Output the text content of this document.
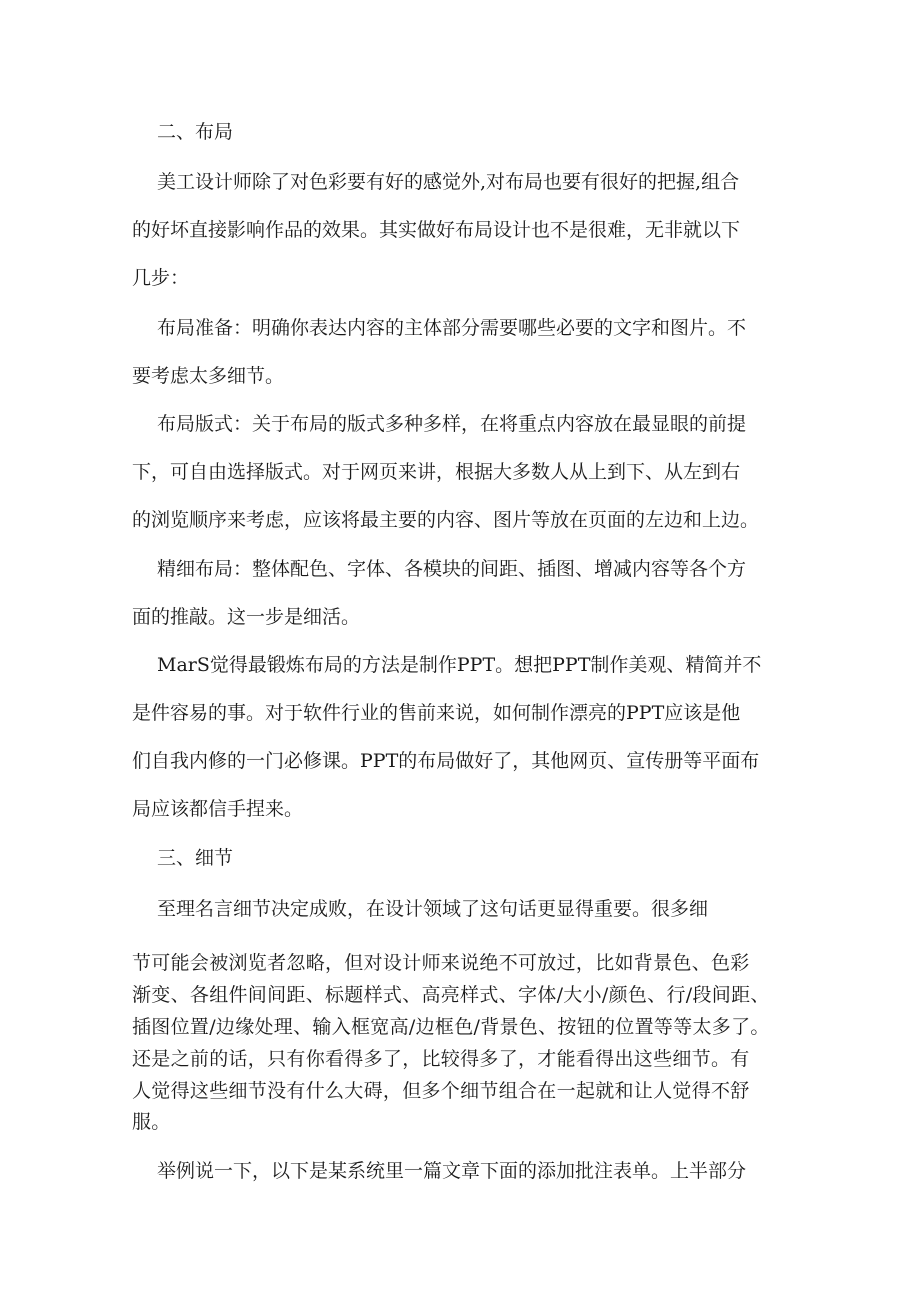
二、布局
美工设计师除了对色彩要有好的感觉外,对布局也要有很好的把握,组合
的好坏直接影响作品的效果。其实做好布局设计也不是很难，无非就以下
几步：
布局准备：明确你表达内容的主体部分需要哪些必要的文字和图片。不
要考虑太多细节。
布局版式：关于布局的版式多种多样，在将重点内容放在最显眼的前提
下，可自由选择版式。对于网页来讲，根据大多数人从上到下、从左到右
的浏览顺序来考虑，应该将最主要的内容、图片等放在页面的左边和上边。
精细布局：整体配色、字体、各模块的间距、插图、增减内容等各个方
面的推敲。这一步是细活。
MarS觉得最锻炼布局的方法是制作PPT。想把PPT制作美观、精简并不
是件容易的事。对于软件行业的售前来说，如何制作漂亮的PPT应该是他
们自我内修的一门必修课。PPT的布局做好了，其他网页、宣传册等平面布
局应该都信手捏来。
三、细节
至理名言细节决定成败，在设计领域了这句话更显得重要。很多细
节可能会被浏览者忽略，但对设计师来说绝不可放过，比如背景色、色彩
渐变、各组件间间距、标题样式、高亮样式、字体/大小/颜色、行/段间距、
插图位置/边缘处理、输入框宽高/边框色/背景色、按钮的位置等等太多了。
还是之前的话，只有你看得多了，比较得多了，才能看得出这些细节。有
人觉得这些细节没有什么大碍，但多个细节组合在一起就和让人觉得不舒
服。
举例说一下，以下是某系统里一篇文章下面的添加批注表单。上半部分
